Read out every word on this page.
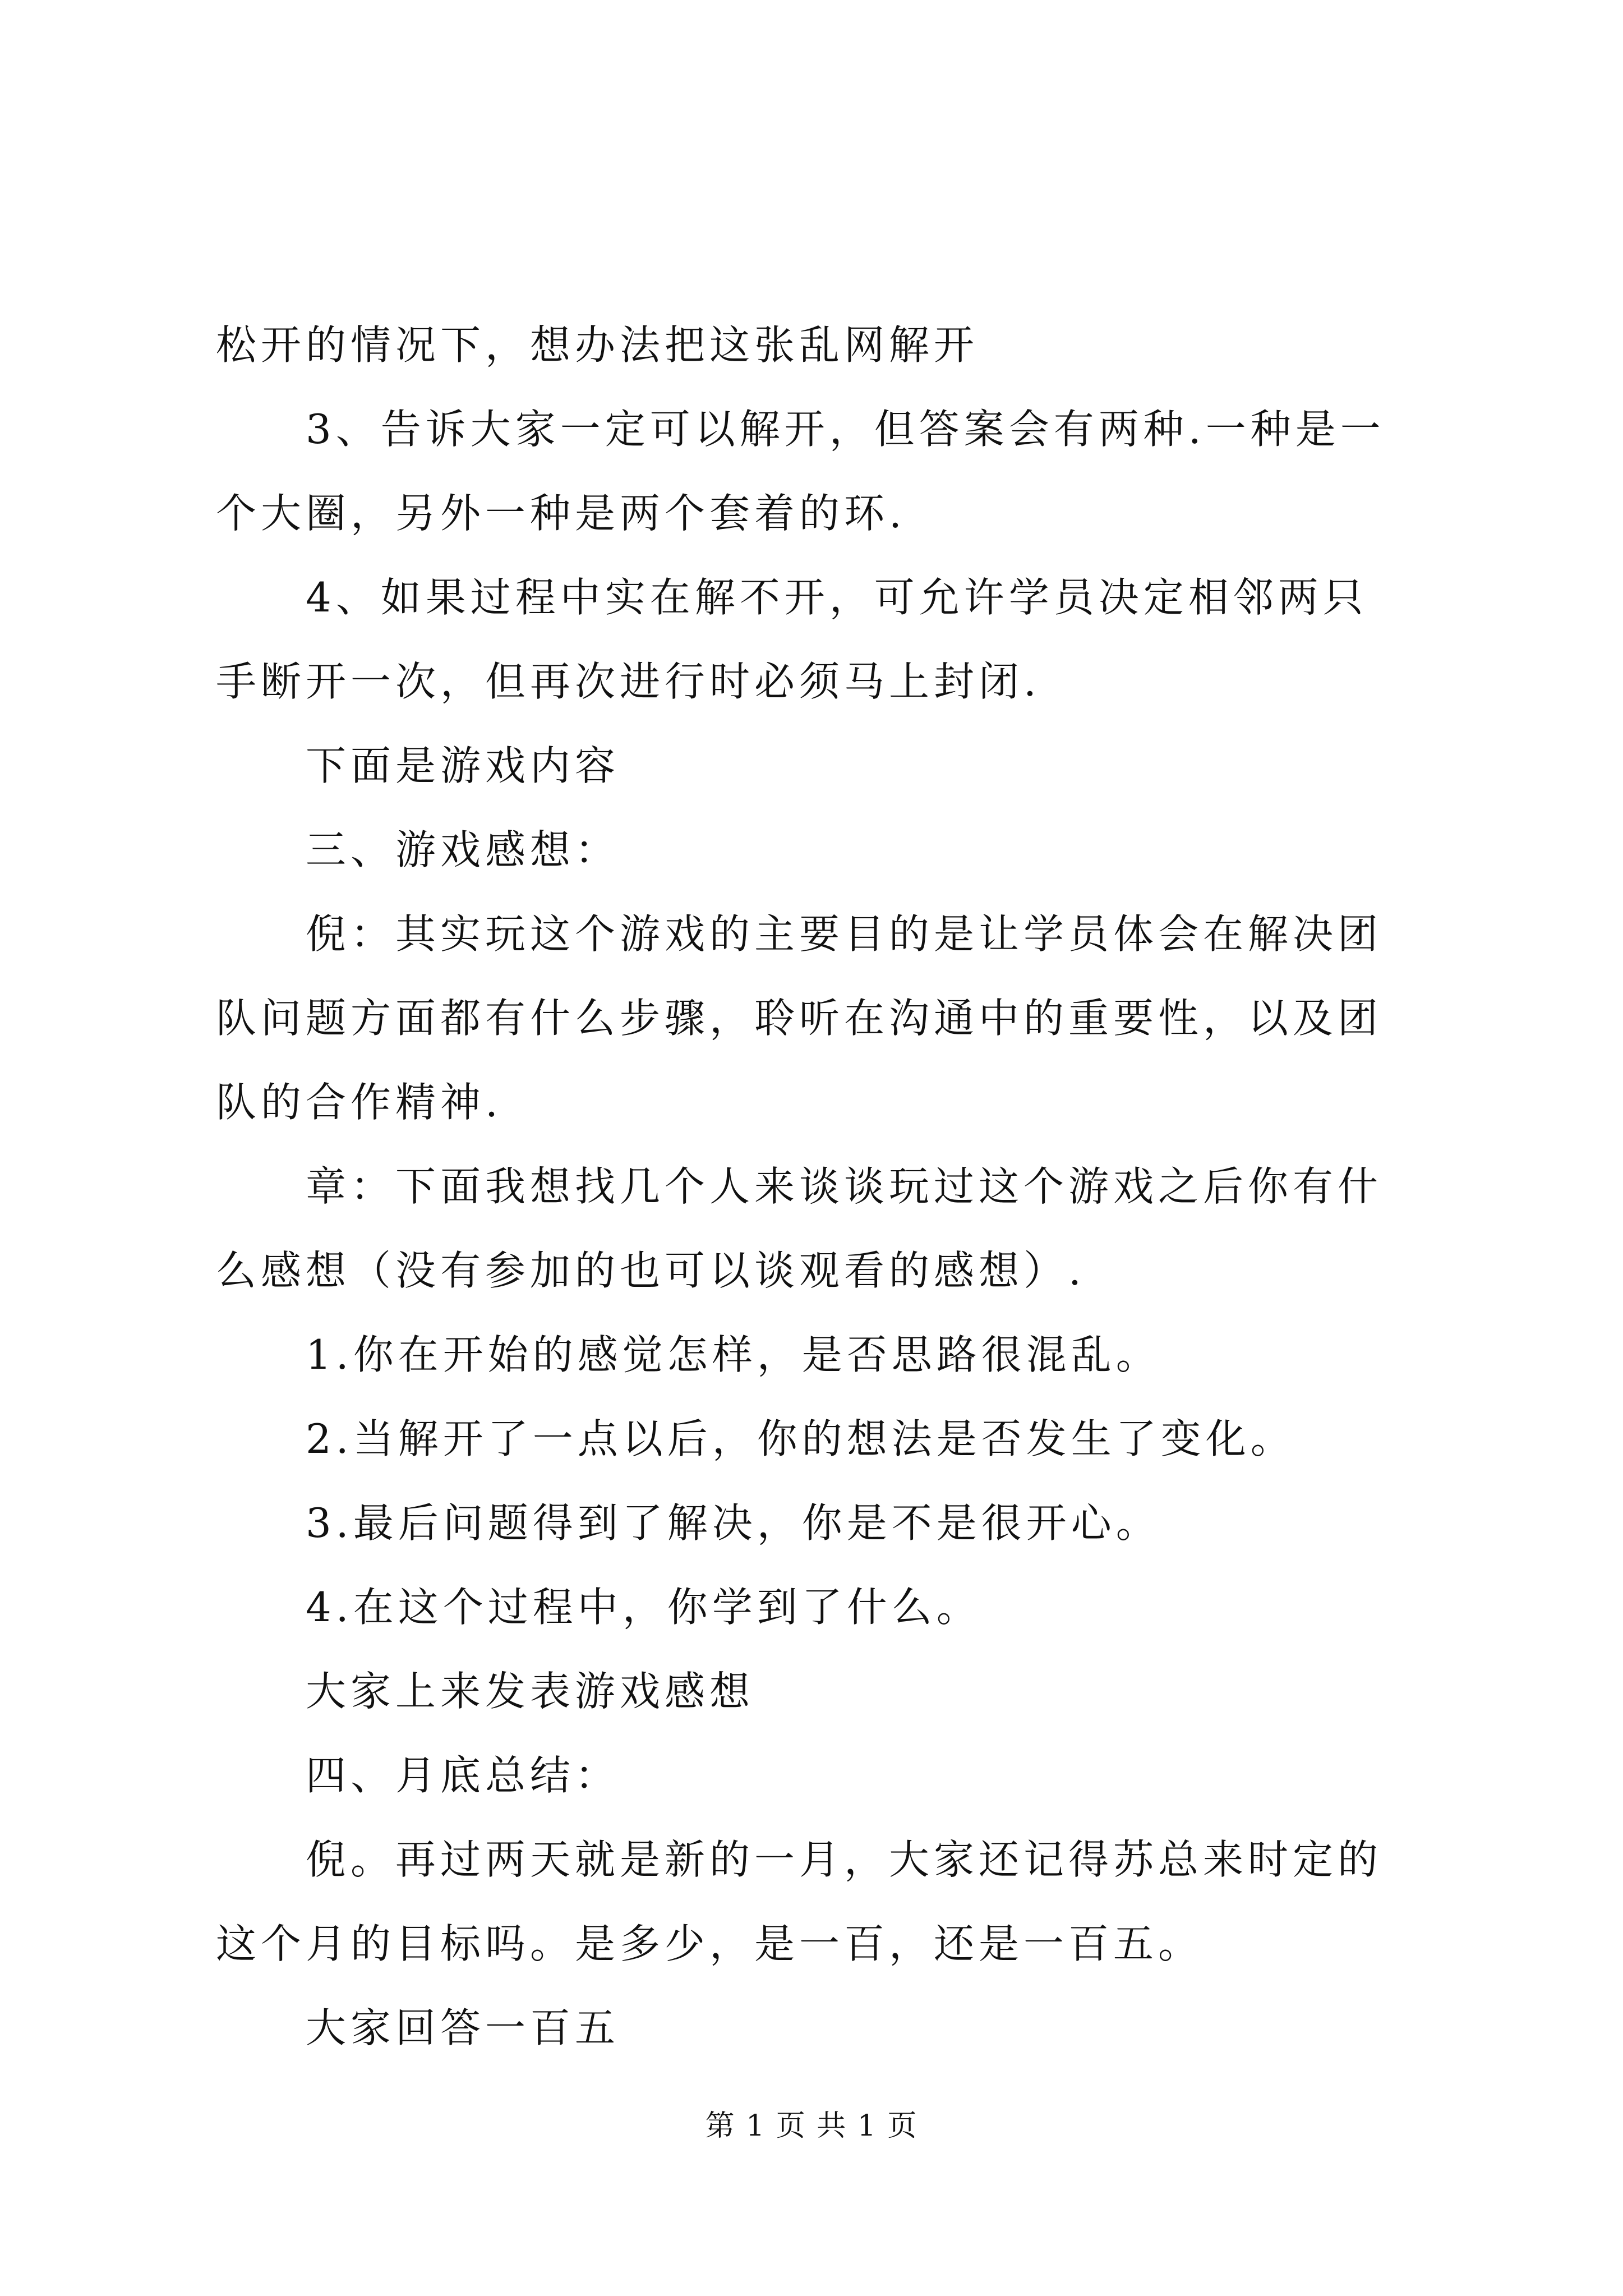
松开的情况下，想办法把这张乱网解开

3、告诉大家一定可以解开，但答案会有两种.一种是一个大圈，另外一种是两个套着的环.

4、如果过程中实在解不开，可允许学员决定相邻两只手断开一次，但再次进行时必须马上封闭.

下面是游戏内容

三、游戏感想：

倪：其实玩这个游戏的主要目的是让学员体会在解决团队问题方面都有什么步骤，聆听在沟通中的重要性，以及团队的合作精神.

章：下面我想找几个人来谈谈玩过这个游戏之后你有什么感想（没有参加的也可以谈观看的感想）.

1.你在开始的感觉怎样，是否思路很混乱。

2.当解开了一点以后，你的想法是否发生了变化。

3.最后问题得到了解决，你是不是很开心。

4.在这个过程中，你学到了什么。

大家上来发表游戏感想

四、月底总结：

倪。再过两天就是新的一月，大家还记得苏总来时定的这个月的目标吗。是多少，是一百，还是一百五。

大家回答一百五

第 1 页 共 1 页
